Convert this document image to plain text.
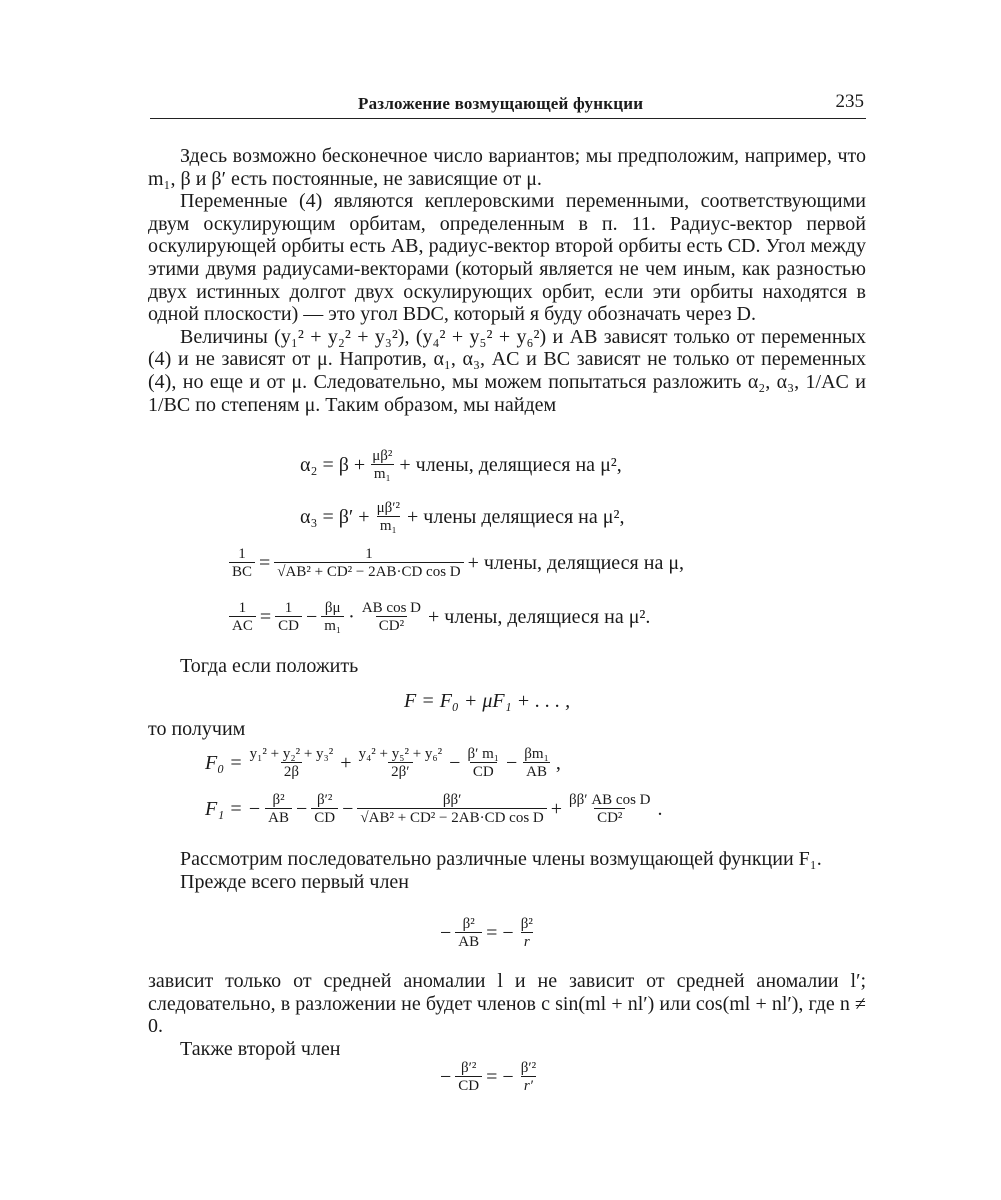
Разложение возмущающей функции	235

Здесь возможно бесконечное число вариантов; мы предположим, например, что m₁, β и β′ есть постоянные, не зависящие от μ.

Переменные (4) являются кеплеровскими переменными, соответствующими двум оскулирующим орбитам, определенным в п. 11. Радиус-вектор первой оскулирующей орбиты есть AB, радиус-вектор второй орбиты есть CD. Угол между этими двумя радиусами-векторами (который является не чем иным, как разностью двух истинных долгот двух оскулирующих орбит, если эти орбиты находятся в одной плоскости) — это угол BDC, который я буду обозначать через D.

Величины (y₁² + y₂² + y₃²), (y₄² + y₅² + y₆²) и AB зависят только от переменных (4) и не зависят от μ. Напротив, α₁, α₃, AC и BC зависят не только от переменных (4), но еще и от μ. Следовательно, мы можем попытаться разложить α₂, α₃, 1/AC и 1/BC по степеням μ. Таким образом, мы найдем

$\alpha_2 = \beta + \frac{\text{μβ²}}{\text{m₁}}$ + члены, делящиеся на μ²,
$\alpha_3 = \beta' + \frac{\text{μβ′²}}{\text{m₁}}$ + члены делящиеся на μ²,
$\frac{1}{BC} = \frac{1}{\text{√AB² + CD² − 2AB·CD cos D}}$ + члены, делящиеся на μ,
$\frac{1}{AC} = \frac{1}{CD} - \frac{\beta\mu}{\text{m₁}} \cdot \frac{\text{AB cos D}}{\text{CD²}}$ + члены, делящиеся на μ².
Тогда если положить
F = F₀ + μF₁ + . . . ,
то получим
$F_0 = \frac{\text{y₁² + y₂² + y₃²}}{2\beta} + \frac{\text{y₄² + y₅² + y₆²}}{2\beta'} - \frac{\text{β′ m₁}}{CD} - \frac{\text{βm₁}}{AB}$ ,
F₁ = − $\frac{\text{β²}}{AB} - \frac{\text{β′²}}{CD} - \frac{\beta\beta'}{\text{√AB² + CD² − 2AB·CD cos D}} + \frac{\text{ββ′ AB cos D}}{\text{CD²}}$ .

Рассмотрим последовательно различные члены возмущающей функции F₁.

Прежде всего первый член

− $\frac{\text{β²}}{AB}$ = − $\frac{\text{β²}}{r}$

зависит только от средней аномалии l и не зависит от средней аномалии l′; следовательно, в разложении не будет членов с sin(ml + nl′) или cos(ml + nl′), где n ≠ 0.

Также второй член

− $\frac{\text{β′²}}{CD}$ = − $\frac{\text{β′²}}{r'}$
